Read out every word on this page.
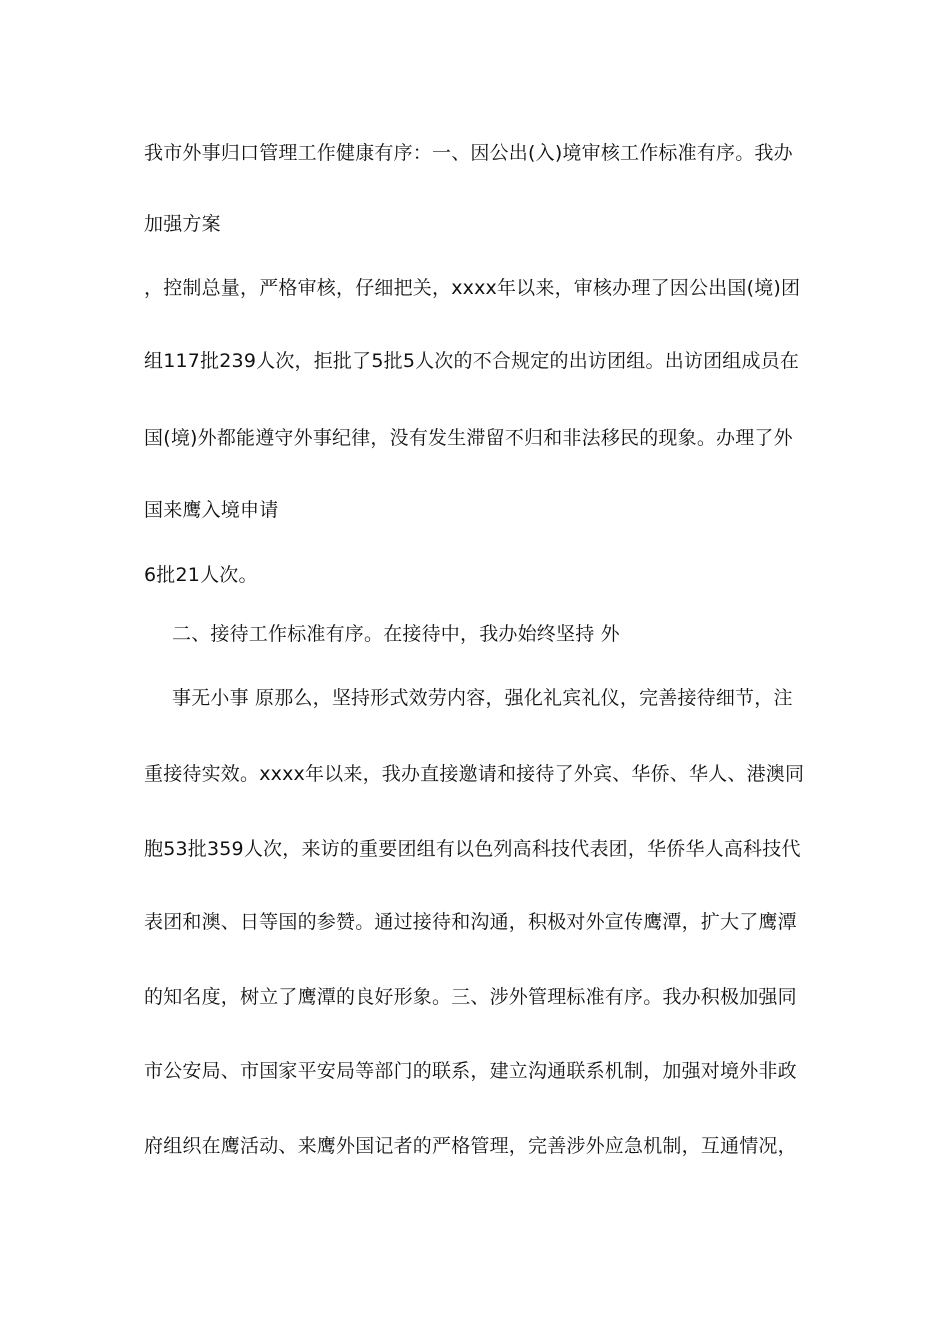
我市外事归口管理工作健康有序：一、因公出(入)境审核工作标准有序。我办
加强方案
，控制总量，严格审核，仔细把关，xxxx年以来，审核办理了因公出国(境)团
组117批239人次，拒批了5批5人次的不合规定的出访团组。出访团组成员在
国(境)外都能遵守外事纪律，没有发生滞留不归和非法移民的现象。办理了外
国来鹰入境申请
6批21人次。
二、接待工作标准有序。在接待中，我办始终坚持 外
事无小事 原那么，坚持形式效劳内容，强化礼宾礼仪，完善接待细节，注
重接待实效。xxxx年以来，我办直接邀请和接待了外宾、华侨、华人、港澳同
胞53批359人次，来访的重要团组有以色列高科技代表团，华侨华人高科技代
表团和澳、日等国的参赞。通过接待和沟通，积极对外宣传鹰潭，扩大了鹰潭
的知名度，树立了鹰潭的良好形象。三、涉外管理标准有序。我办积极加强同
市公安局、市国家平安局等部门的联系，建立沟通联系机制，加强对境外非政
府组织在鹰活动、来鹰外国记者的严格管理，完善涉外应急机制，互通情况，
